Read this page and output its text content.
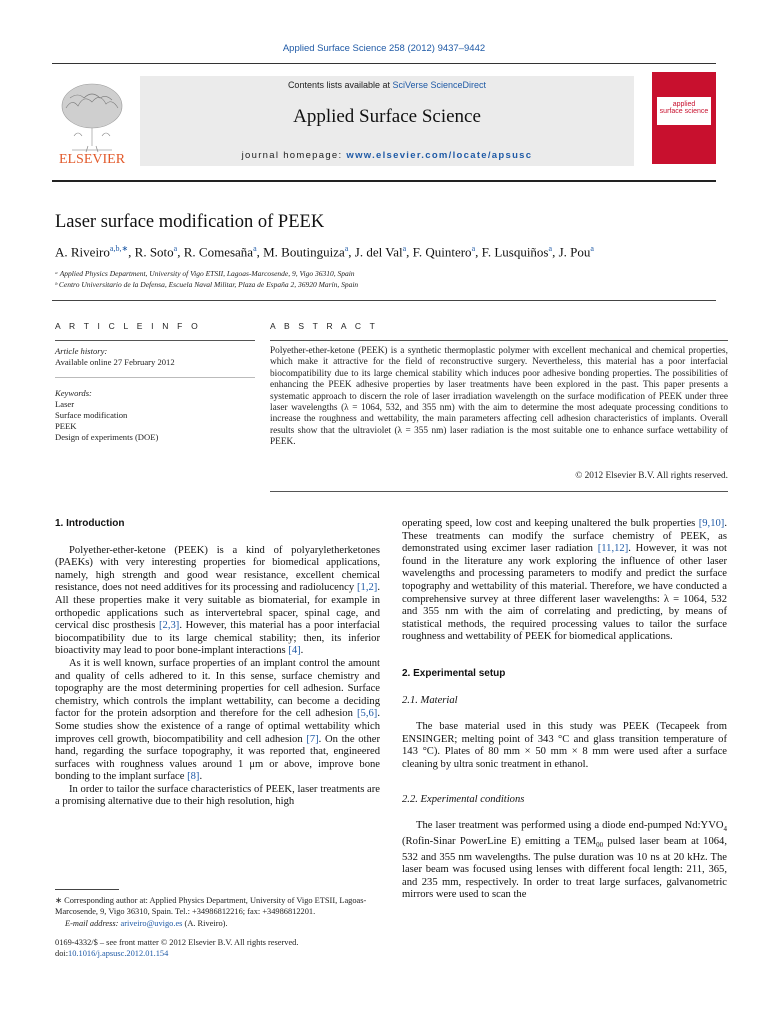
Applied Surface Science 258 (2012) 9437–9442
ELSEVIER
Contents lists available at SciVerse ScienceDirect
Applied Surface Science
journal homepage: www.elsevier.com/locate/apsusc
applied
surface science
Laser surface modification of PEEK
A. Riveiro$^{a,b,∗}$, R. Soto$^a$, R. Comesaña$^a$, M. Boutinguiza$^a$, J. del Val$^a$, F. Quintero$^a$, F. Lusquiños$^a$, J. Pou$^a$
ᵃ Applied Physics Department, University of Vigo ETSII, Lagoas-Marcosende, 9, Vigo 36310, Spain
ᵇ Centro Universitario de la Defensa, Escuela Naval Militar, Plaza de España 2, 36920 Marín, Spain
A R T I C L E I N F O
Article history:
Available online 27 February 2012
Keywords:
Laser
Surface modification
PEEK
Design of experiments (DOE)
A B S T R A C T
Polyether-ether-ketone (PEEK) is a synthetic thermoplastic polymer with excellent mechanical and chemical properties, which make it attractive for the field of reconstructive surgery. Nevertheless, this material has a poor interfacial biocompatibility due to its large chemical stability which induces poor adhesive bonding properties. The possibilities of enhancing the PEEK adhesive properties by laser treatments have been explored in the past. This paper presents a systematic approach to discern the role of laser irradiation wavelength on the surface modification of PEEK under three laser wavelengths (λ = 1064, 532, and 355 nm) with the aim to determine the most adequate processing conditions to increase the roughness and wettability, the main parameters affecting cell adhesion characteristics of implants. Overall results show that the ultraviolet (λ = 355 nm) laser radiation is the most suitable one to enhance surface wettability of PEEK.
© 2012 Elsevier B.V. All rights reserved.
1. Introduction

Polyether-ether-ketone (PEEK) is a kind of polyaryletherketones (PAEKs) with very interesting properties for biomedical applications, namely, high strength and good wear resistance, excellent chemical resistance, does not need additives for its processing and radiolucency [1,2]. All these properties make it very suitable as biomaterial, for example in orthopedic applications such as intervertebral spacer, spinal cage, and cervical disc prosthesis [2,3]. However, this material has a poor interfacial biocompatibility due to its large chemical stability; then, its inferior bioactivity may lead to poor bone-implant interactions [4].

As it is well known, surface properties of an implant control the amount and quality of cells adhered to it. In this sense, surface chemistry and topography are the most determining properties for cell adhesion. Surface chemistry, which controls the implant wettability, can become a deciding factor for the protein adsorption and therefore for the cell adhesion [5,6]. Some studies show the existence of a range of optimal wettability which improves cell growth, biocompatibility and cell adhesion [7]. On the other hand, regarding the surface topography, it was reported that, engineered surfaces with roughness values around 1 μm or above, improve bone bonding to the implant surface [8].

In order to tailor the surface characteristics of PEEK, laser treatments are a promising alternative due to their high resolution, high

∗ Corresponding author at: Applied Physics Department, University of Vigo ETSII, Lagoas-Marcosende, 9, Vigo 36310, Spain. Tel.: +34986812216; fax: +34986812201.

E-mail address: ariveiro@uvigo.es (A. Riveiro).

0169-4332/$ – see front matter © 2012 Elsevier B.V. All rights reserved.

doi:10.1016/j.apsusc.2012.01.154

operating speed, low cost and keeping unaltered the bulk properties [9,10]. These treatments can modify the surface chemistry of PEEK, as demonstrated using excimer laser radiation [11,12]. However, it was not found in the literature any work exploring the influence of other laser wavelengths and processing parameters to modify and predict the surface topography and wettability of this material. Therefore, we have conducted a comprehensive survey at three different laser wavelengths: λ = 1064, 532 and 355 nm with the aim of correlating and predicting, by means of statistical methods, the required processing values to tailor the surface roughness and wettability of PEEK for biomedical applications.

2. Experimental setup
2.1. Material

The base material used in this study was PEEK (Tecapeek from ENSINGER; melting point of 343 °C and glass transition temperature of 143 °C). Plates of 80 mm × 50 mm × 8 mm were used after a surface cleaning by ultra sonic treatment in ethanol.

2.2. Experimental conditions

The laser treatment was performed using a diode end-pumped $Nd:YVO_4$ (Rofin-Sinar PowerLine E) emitting a $TEM_{00}$ pulsed laser beam at 1064, 532 and 355 nm wavelengths. The pulse duration was 10 ns at 20 kHz. The laser beam was focused using lenses with different focal length: 211, 365, and 235 mm, respectively. In order to treat large surfaces, galvanometric mirrors were used to scan the
